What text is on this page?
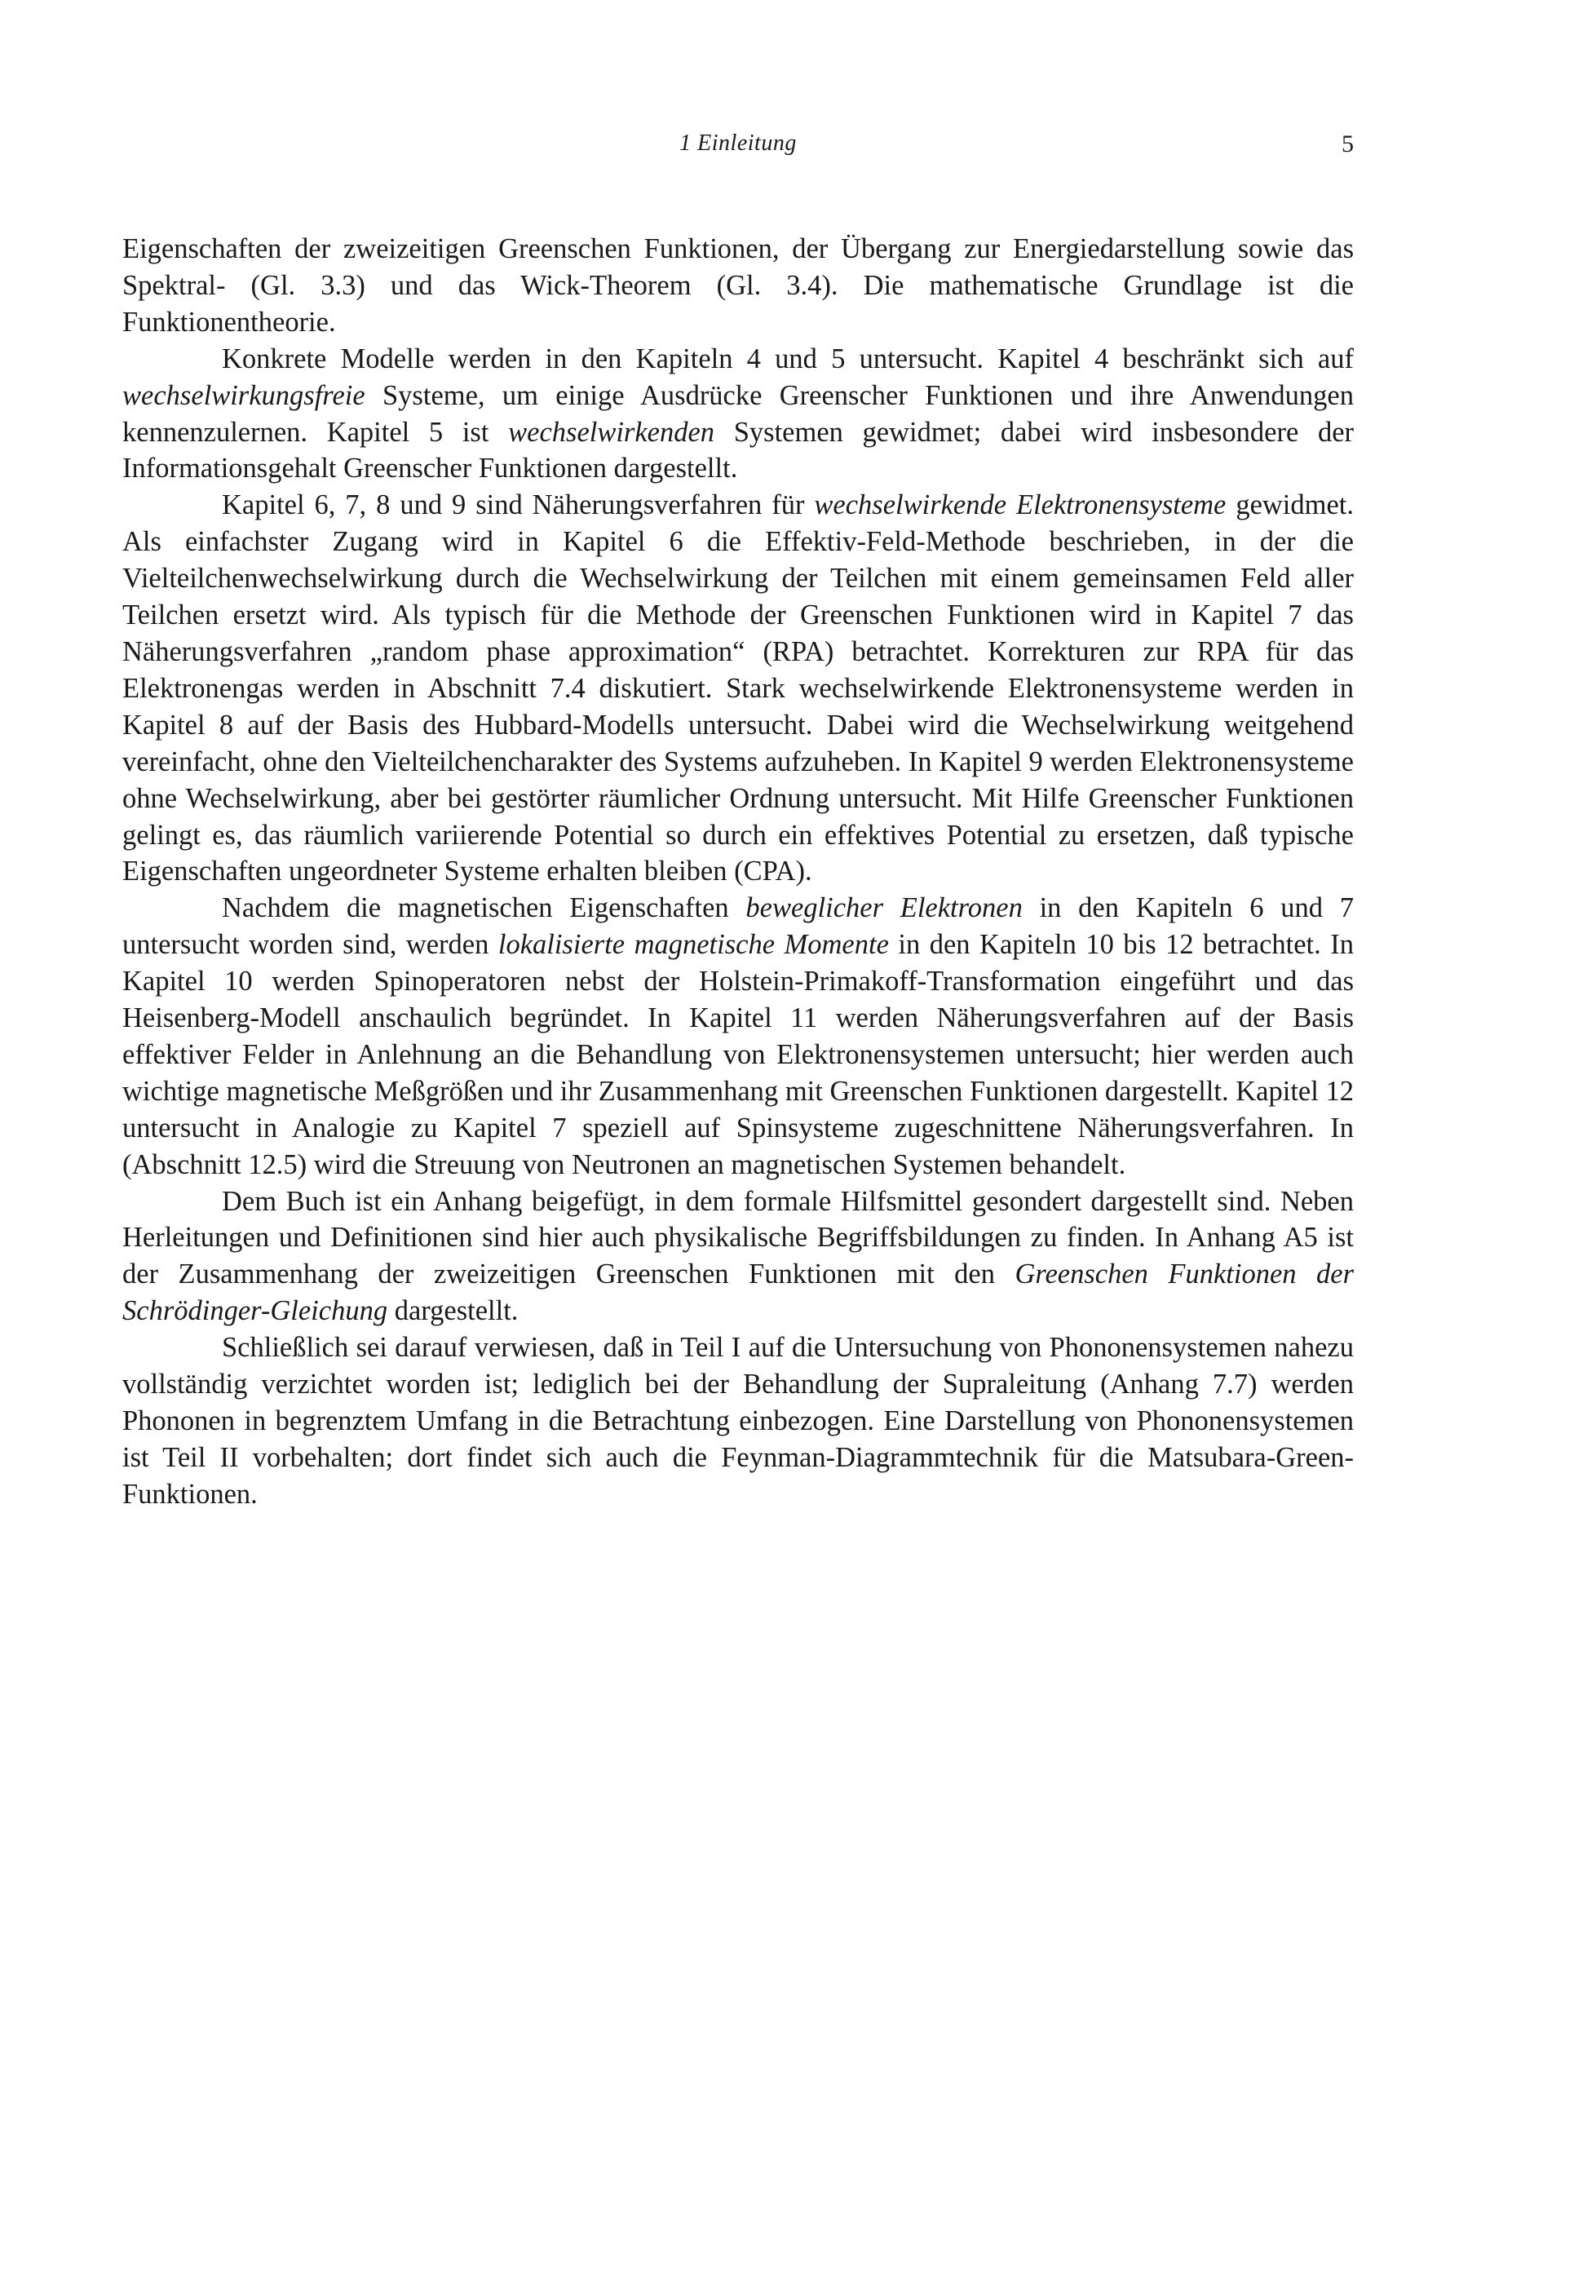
1 Einleitung	5

Eigenschaften der zweizeitigen Greenschen Funktionen, der Übergang zur Energiedarstellung sowie das Spektral- (Gl. 3.3) und das Wick-Theorem (Gl. 3.4). Die mathematische Grundlage ist die Funktionentheorie.

Konkrete Modelle werden in den Kapiteln 4 und 5 untersucht. Kapitel 4 beschränkt sich auf wechselwirkungsfreie Systeme, um einige Ausdrücke Greenscher Funktionen und ihre Anwendungen kennenzulernen. Kapitel 5 ist wechselwirkenden Systemen gewidmet; dabei wird insbesondere der Informationsgehalt Greenscher Funktionen dargestellt.

Kapitel 6, 7, 8 und 9 sind Näherungsverfahren für wechselwirkende Elektronensysteme gewidmet. Als einfachster Zugang wird in Kapitel 6 die Effektiv-Feld-Methode beschrieben, in der die Vielteilchenwechselwirkung durch die Wechselwirkung der Teilchen mit einem gemeinsamen Feld aller Teilchen ersetzt wird. Als typisch für die Methode der Greenschen Funktionen wird in Kapitel 7 das Näherungsverfahren „random phase approximation“ (RPA) betrachtet. Korrekturen zur RPA für das Elektronengas werden in Abschnitt 7.4 diskutiert. Stark wechselwirkende Elektronensysteme werden in Kapitel 8 auf der Basis des Hubbard-Modells untersucht. Dabei wird die Wechselwirkung weitgehend vereinfacht, ohne den Vielteilchencharakter des Systems aufzuheben. In Kapitel 9 werden Elektronensysteme ohne Wechselwirkung, aber bei gestörter räumlicher Ordnung untersucht. Mit Hilfe Greenscher Funktionen gelingt es, das räumlich variierende Potential so durch ein effektives Potential zu ersetzen, daß typische Eigenschaften ungeordneter Systeme erhalten bleiben (CPA).

Nachdem die magnetischen Eigenschaften beweglicher Elektronen in den Kapiteln 6 und 7 untersucht worden sind, werden lokalisierte magnetische Momente in den Kapiteln 10 bis 12 betrachtet. In Kapitel 10 werden Spinoperatoren nebst der Holstein-Primakoff-Transformation eingeführt und das Heisenberg-Modell anschaulich begründet. In Kapitel 11 werden Näherungsverfahren auf der Basis effektiver Felder in Anlehnung an die Behandlung von Elektronensystemen untersucht; hier werden auch wichtige magnetische Meßgrößen und ihr Zusammenhang mit Greenschen Funktionen dargestellt. Kapitel 12 untersucht in Analogie zu Kapitel 7 speziell auf Spinsysteme zugeschnittene Näherungsverfahren. In (Abschnitt 12.5) wird die Streuung von Neutronen an magnetischen Systemen behandelt.

Dem Buch ist ein Anhang beigefügt, in dem formale Hilfsmittel gesondert dargestellt sind. Neben Herleitungen und Definitionen sind hier auch physikalische Begriffsbildungen zu finden. In Anhang A5 ist der Zusammenhang der zweizeitigen Greenschen Funktionen mit den Greenschen Funktionen der Schrödinger-Gleichung dargestellt.

Schließlich sei darauf verwiesen, daß in Teil I auf die Untersuchung von Phononensystemen nahezu vollständig verzichtet worden ist; lediglich bei der Behandlung der Supraleitung (Anhang 7.7) werden Phononen in begrenztem Umfang in die Betrachtung einbezogen. Eine Darstellung von Phononensystemen ist Teil II vorbehalten; dort findet sich auch die Feynman-Diagrammtechnik für die Matsubara-Green-Funktionen.
